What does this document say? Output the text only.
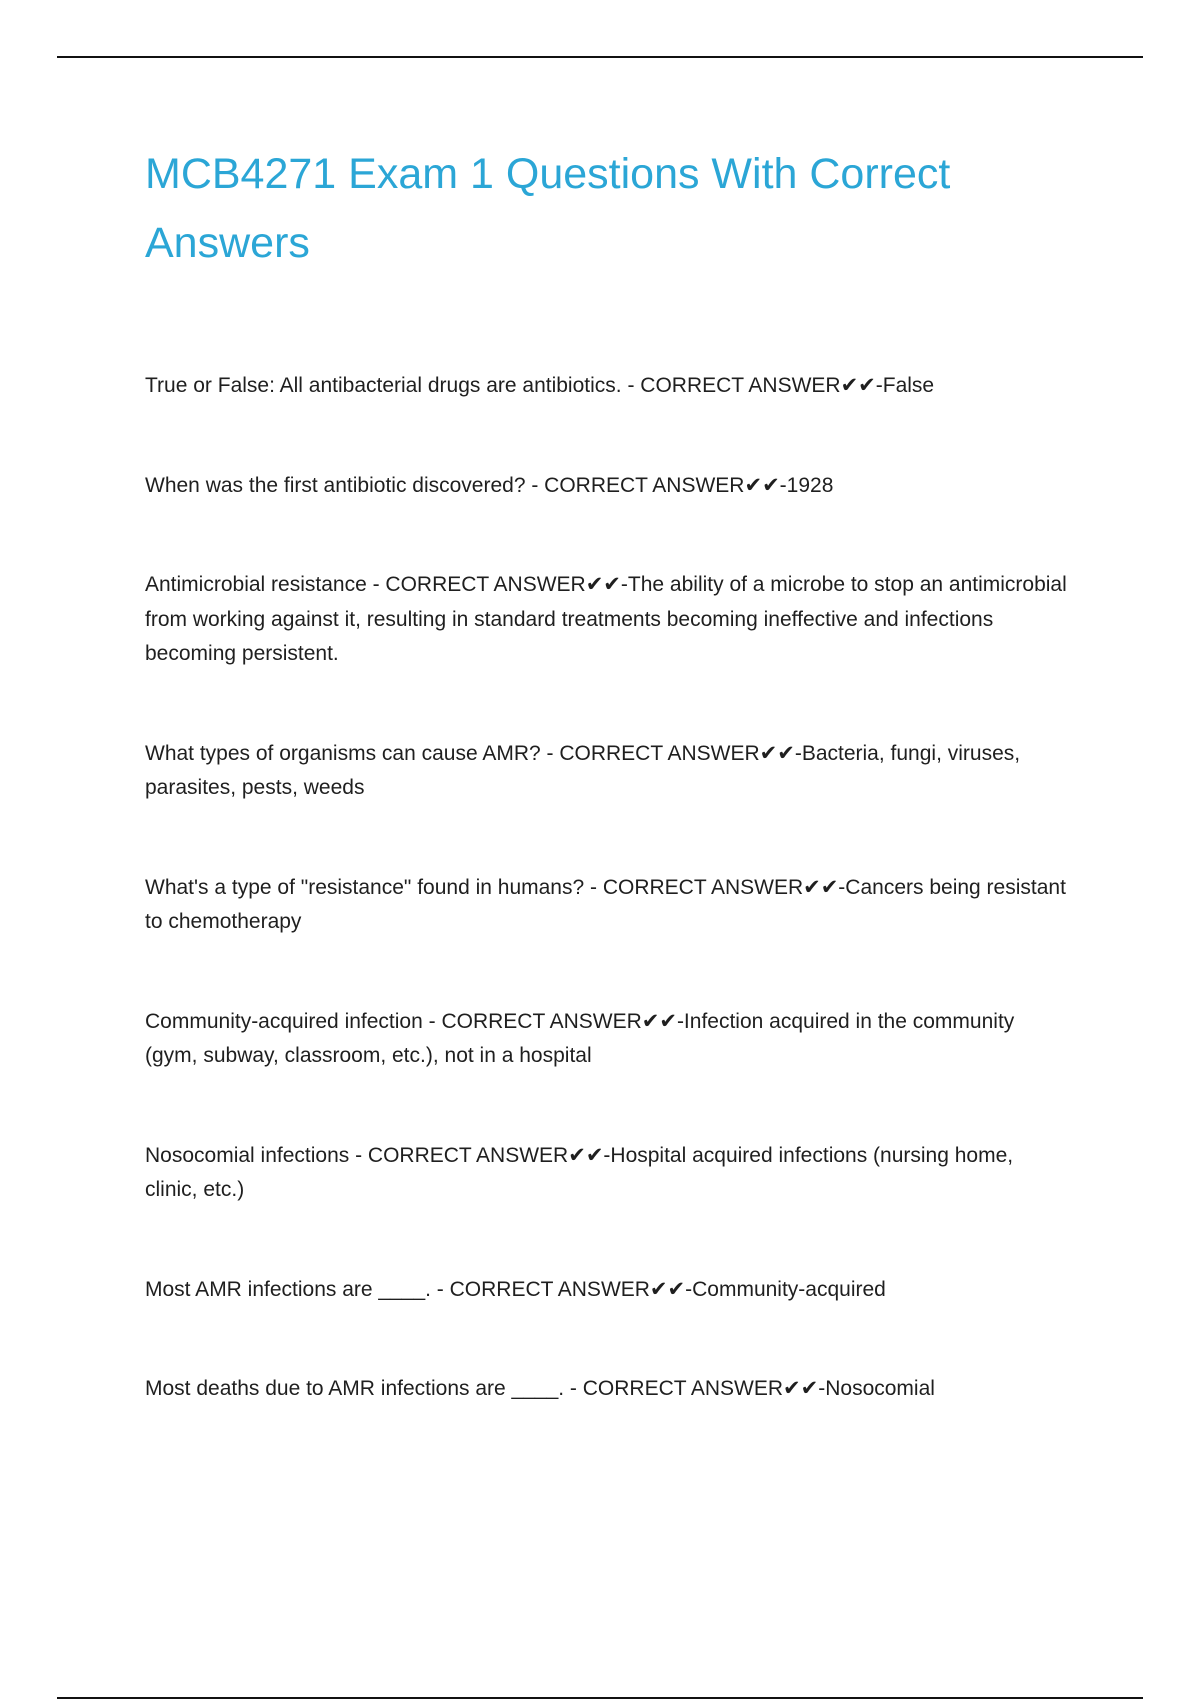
MCB4271 Exam 1 Questions With Correct Answers

True or False: All antibacterial drugs are antibiotics. - CORRECT ANSWER✔✔-False

When was the first antibiotic discovered? - CORRECT ANSWER✔✔-1928

Antimicrobial resistance - CORRECT ANSWER✔✔-The ability of a microbe to stop an antimicrobial from working against it, resulting in standard treatments becoming ineffective and infections becoming persistent.

What types of organisms can cause AMR? - CORRECT ANSWER✔✔-Bacteria, fungi, viruses, parasites, pests, weeds

What's a type of "resistance" found in humans? - CORRECT ANSWER✔✔-Cancers being resistant to chemotherapy

Community-acquired infection - CORRECT ANSWER✔✔-Infection acquired in the community (gym, subway, classroom, etc.), not in a hospital

Nosocomial infections - CORRECT ANSWER✔✔-Hospital acquired infections (nursing home, clinic, etc.)

Most AMR infections are ____. - CORRECT ANSWER✔✔-Community-acquired

Most deaths due to AMR infections are ____. - CORRECT ANSWER✔✔-Nosocomial
